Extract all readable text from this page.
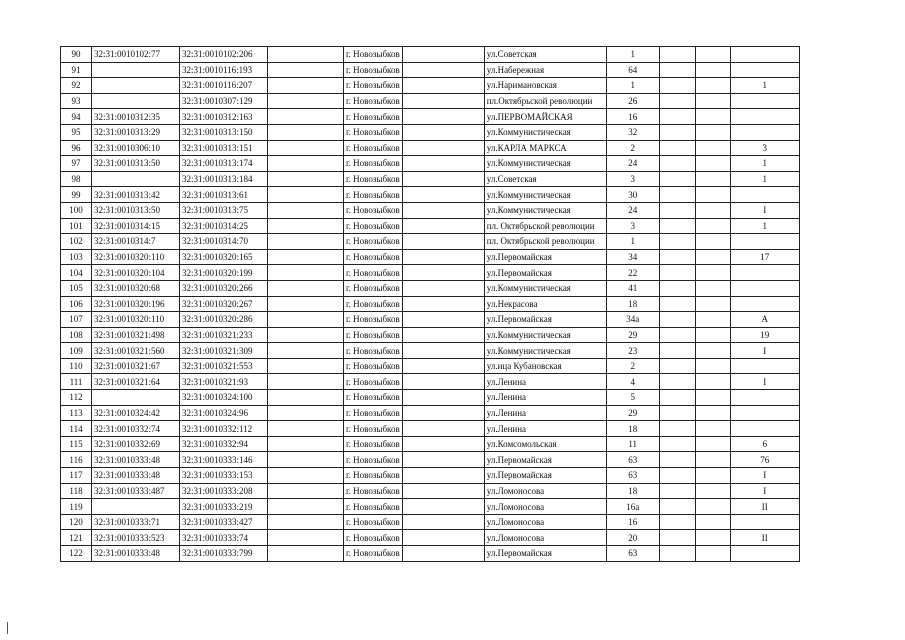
90	32:31:0010102:77	32:31:0010102:206		г. Новозыбков		ул.Советская	1			
91		32:31:0010116:193		г. Новозыбков		ул.Набережная	64			
92		32:31:0010116:207		г. Новозыбков		ул.Наримановская	1			1
93		32:31:0010307:129		г. Новозыбков		пл.Октябрьской революции	26			
94	32:31:0010312:35	32:31:0010312:163		г. Новозыбков		ул.ПЕРВОМАЙСКАЯ	16			
95	32:31:0010313:29	32:31:0010313:150		г. Новозыбков		ул.Коммунистическая	32			
96	32:31:0010306:10	32:31:0010313:151		г. Новозыбков		ул.КАРЛА МАРКСА	2			3
97	32:31:0010313:50	32:31:0010313:174		г. Новозыбков		ул.Коммунистическая	24			1
98		32:31:0010313:184		г. Новозыбков		ул.Советская	3			1
99	32:31:0010313:42	32:31:0010313:61		г. Новозыбков		ул.Коммунистическая	30			
100	32:31:0010313:50	32:31:0010313:75		г. Новозыбков		ул.Коммунистическая	24			I
101	32:31:0010314:15	32:31:0010314:25		г. Новозыбков		пл. Октябрьской революции	3			1
102	32:31:0010314:7	32:31:0010314:70		г. Новозыбков		пл. Октябрьской революции	1			
103	32:31:0010320:110	32:31:0010320:165		г. Новозыбков		ул.Первомайская	34			17
104	32:31:0010320:104	32:31:0010320:199		г. Новозыбков		ул.Первомайская	22			
105	32:31:0010320:68	32:31:0010320:266		г. Новозыбков		ул.Коммунистическая	41			
106	32:31:0010320:196	32:31:0010320:267		г. Новозыбков		ул.Некрасова	18			
107	32:31:0010320:110	32:31:0010320:286		г. Новозыбков		ул.Первомайская	34а			А
108	32:31:0010321:498	32:31:0010321:233		г. Новозыбков		ул.Коммунистическая	29			19
109	32:31:0010321:560	32:31:0010321:309		г. Новозыбков		ул.Коммунистическая	23			I
110	32:31:0010321:67	32:31:0010321:553		г. Новозыбков		ул.ица Кубановская	2			
111	32:31:0010321:64	32:31:0010321:93		г. Новозыбков		ул.Ленина	4			I
112		32:31:0010324:100		г. Новозыбков		ул.Ленина	5			
113	32:31:0010324:42	32:31:0010324:96		г. Новозыбков		ул.Ленина	29			
114	32:31:0010332:74	32:31:0010332:112		г. Новозыбков		ул.Ленина	18			
115	32:31:0010332:69	32:31:0010332:94		г. Новозыбков		ул.Комсомольская	11			6
116	32:31:0010333:48	32:31:0010333:146		г. Новозыбков		ул.Первомайская	63			76
117	32:31:0010333:48	32:31:0010333:153		г. Новозыбков		ул.Первомайская	63			I
118	32:31:0010333:487	32:31:0010333:208		г. Новозыбков		ул.Ломоносова	18			I
119		32:31:0010333:219		г. Новозыбков		ул.Ломоносова	16а			II
120	32:31:0010333:71	32:31:0010333:427		г. Новозыбков		ул.Ломоносова	16			
121	32:31:0010333:523	32:31:0010333:74		г. Новозыбков		ул.Ломоносова	20			II
122	32:31:0010333:48	32:31:0010333:799		г. Новозыбков		ул.Первомайская	63			
